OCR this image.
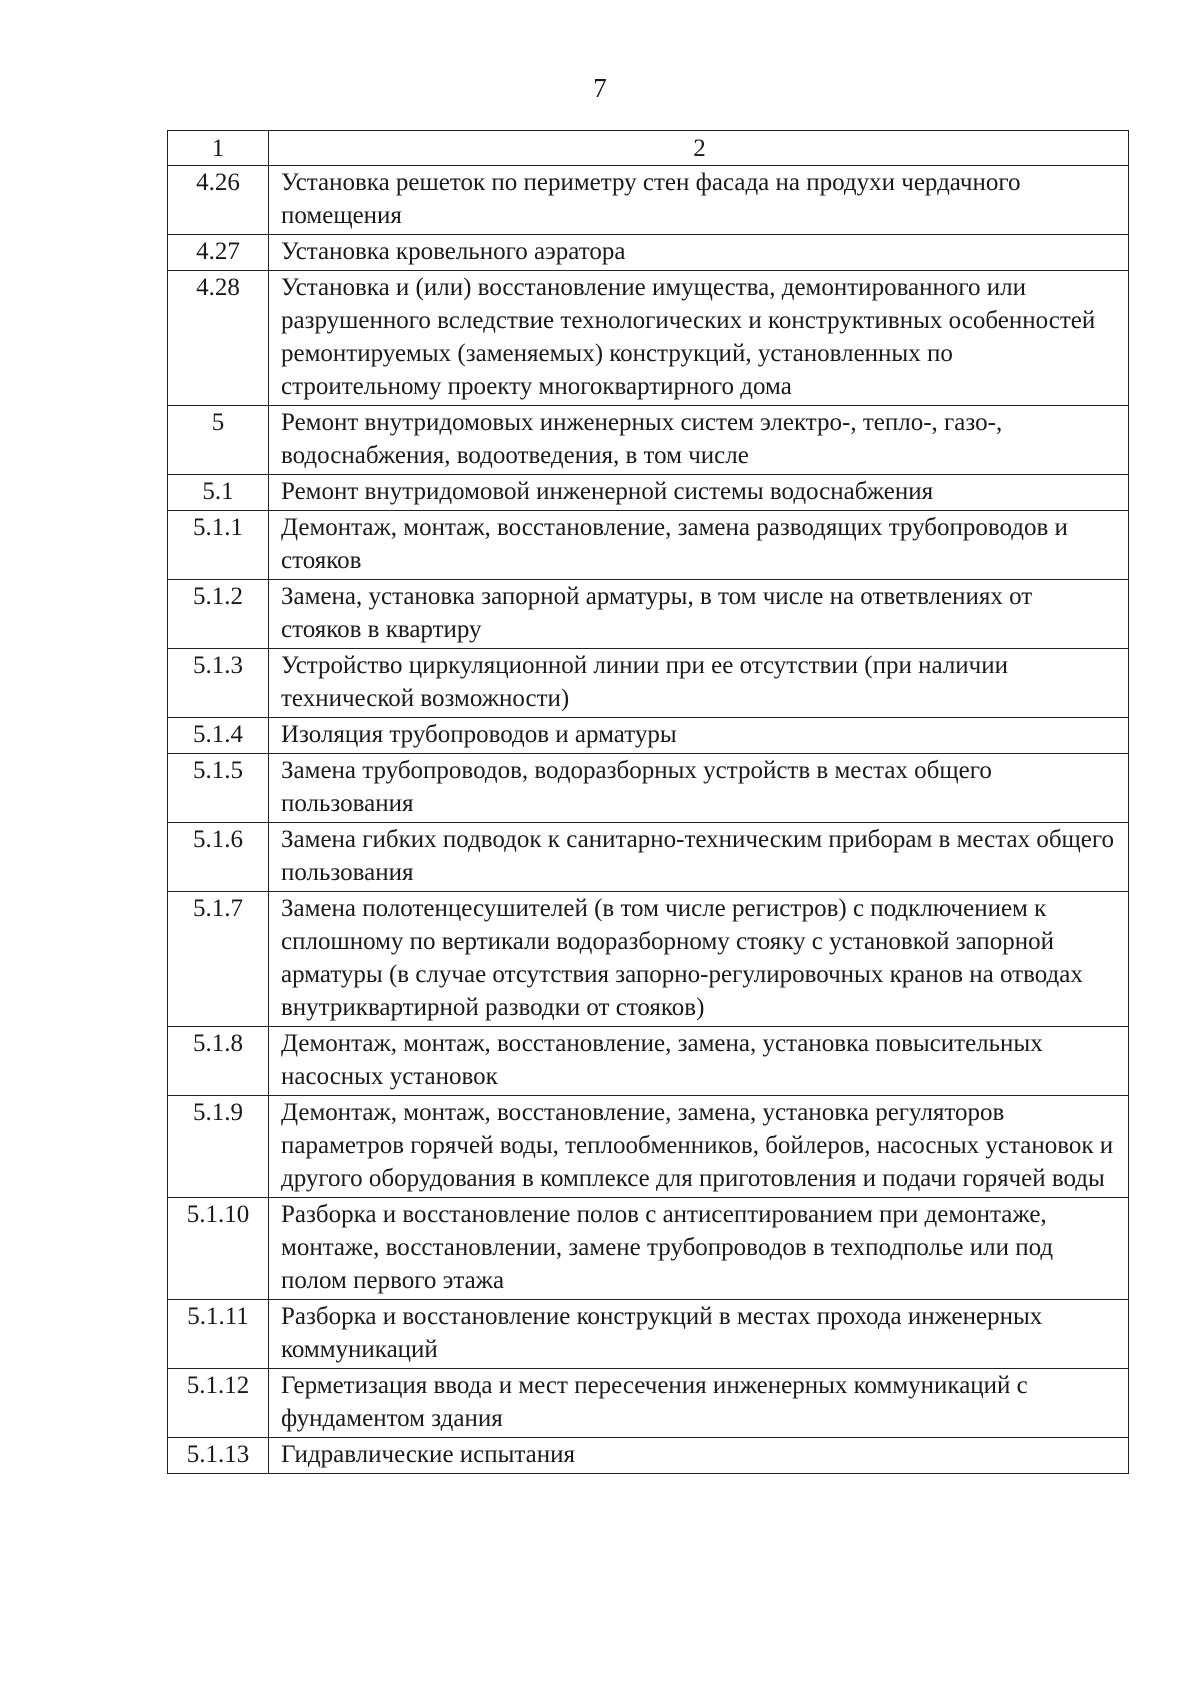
7
1	2
4.26	Установка решеток по периметру стен фасада на продухи чердачного помещения
4.27	Установка кровельного аэратора
4.28	Установка и (или) восстановление имущества, демонтированного или разрушенного вследствие технологических и конструктивных особенностей ремонтируемых (заменяемых) конструкций, установленных по строительному проекту многоквартирного дома
5	Ремонт внутридомовых инженерных систем электро-, тепло-, газо-, водоснабжения, водоотведения, в том числе
5.1	Ремонт внутридомовой инженерной системы водоснабжения
5.1.1	Демонтаж, монтаж, восстановление, замена разводящих трубопроводов и стояков
5.1.2	Замена, установка запорной арматуры, в том числе на ответвлениях от стояков в квартиру
5.1.3	Устройство циркуляционной линии при ее отсутствии (при наличии технической возможности)
5.1.4	Изоляция трубопроводов и арматуры
5.1.5	Замена трубопроводов, водоразборных устройств в местах общего пользования
5.1.6	Замена гибких подводок к санитарно-техническим приборам в местах общего пользования
5.1.7	Замена полотенцесушителей (в том числе регистров) с подключением к сплошному по вертикали водоразборному стояку с установкой запорной арматуры (в случае отсутствия запорно-регулировочных кранов на отводах внутриквартирной разводки от стояков)
5.1.8	Демонтаж, монтаж, восстановление, замена, установка повысительных насосных установок
5.1.9	Демонтаж, монтаж, восстановление, замена, установка регуляторов параметров горячей воды, теплообменников, бойлеров, насосных установок и другого оборудования в комплексе для приготовления и подачи горячей воды
5.1.10	Разборка и восстановление полов с антисептированием при демонтаже, монтаже, восстановлении, замене трубопроводов в техподполье или под полом первого этажа
5.1.11	Разборка и восстановление конструкций в местах прохода инженерных коммуникаций
5.1.12	Герметизация ввода и мест пересечения инженерных коммуникаций с фундаментом здания
5.1.13	Гидравлические испытания
